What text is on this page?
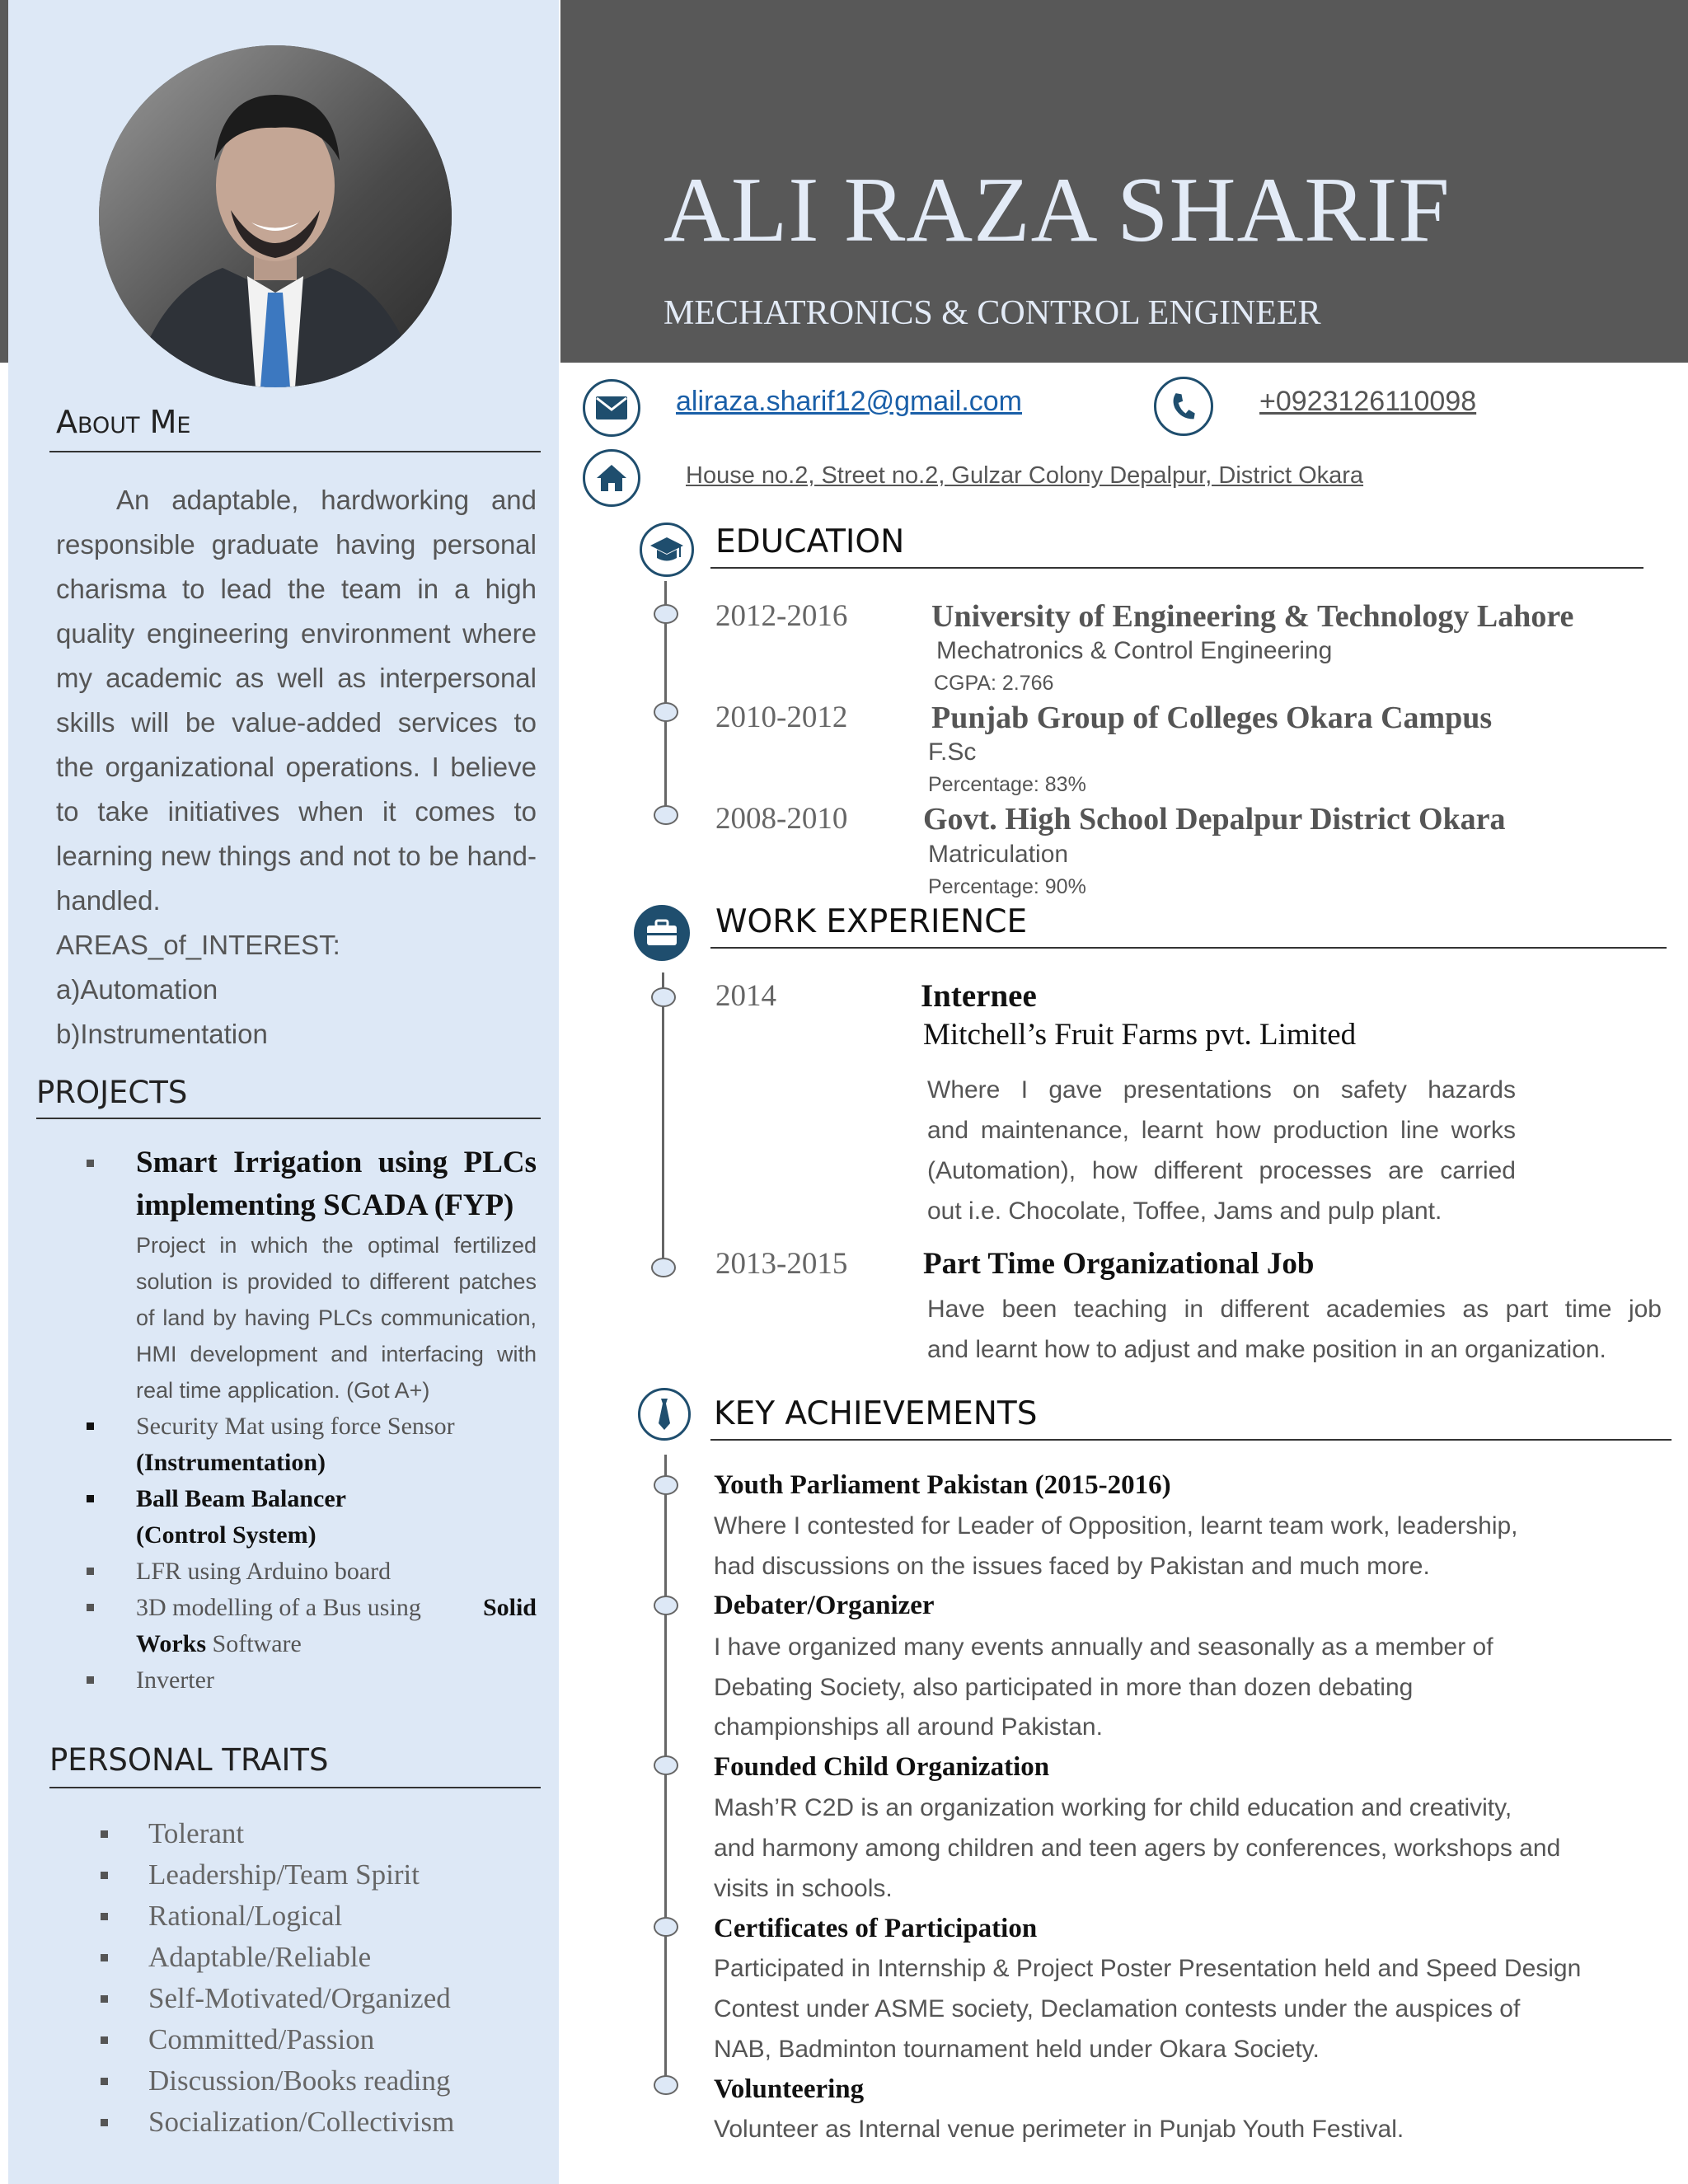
About Me
An adaptable, hardworking and responsible graduate having personal charisma to lead the team in a high quality engineering environment where my academic as well as interpersonal skills will be value-added services to the organizational operations. I believe to take initiatives when it comes to learning new things and not to be hand-handled.
AREAS_of_INTEREST:
a)Automation
b)Instrumentation
PROJECTS
Smart Irrigation using PLCs implementing SCADA (FYP)
Project in which the optimal fertilized solution is provided to different patches of land by having PLCs communication, HMI development and interfacing with real time application. (Got A+)
Security Mat using force Sensor
(Instrumentation)
Ball Beam Balancer
(Control System)
LFR using Arduino board
3D modelling of a Bus using	Solid
Works Software
Inverter
PERSONAL TRAITS
Tolerant
Leadership/Team Spirit
Rational/Logical
Adaptable/Reliable
Self-Motivated/Organized
Committed/Passion
Discussion/Books reading
Socialization/Collectivism
ALI RAZA SHARIF
MECHATRONICS & CONTROL ENGINEER
aliraza.sharif12@gmail.com	+0923126110098
House no.2, Street no.2, Gulzar Colony Depalpur, District Okara
EDUCATION
2012-2016	University of Engineering & Technology Lahore
Mechatronics & Control Engineering
CGPA: 2.766
2010-2012	Punjab Group of Colleges Okara Campus
F.Sc
Percentage: 83%
2008-2010 Govt. High School Depalpur District Okara
Matriculation
Percentage: 90%
WORK EXPERIENCE
2014	Internee
Mitchell’s Fruit Farms pvt. Limited
Where I gave presentations on safety hazards
and maintenance, learnt how production line works
(Automation), how different processes are carried
out i.e. Chocolate, Toffee, Jams and pulp plant.
2013-2015 Part Time Organizational Job
Have been teaching in different academies as part time job
and learnt how to adjust and make position in an organization.
KEY ACHIEVEMENTS
Youth Parliament Pakistan (2015-2016)
Where I contested for Leader of Opposition, learnt team work, leadership,
had discussions on the issues faced by Pakistan and much more.
Debater/Organizer
I have organized many events annually and seasonally as a member of
Debating Society, also participated in more than dozen debating
championships all around Pakistan.
Founded Child Organization
Mash’R C2D is an organization working for child education and creativity,
and harmony among children and teen agers by conferences, workshops and
visits in schools.
Certificates of Participation
Participated in Internship & Project Poster Presentation held and Speed Design
Contest under ASME society, Declamation contests under the auspices of
NAB, Badminton tournament held under Okara Society.
Volunteering
Volunteer as Internal venue perimeter in Punjab Youth Festival.
